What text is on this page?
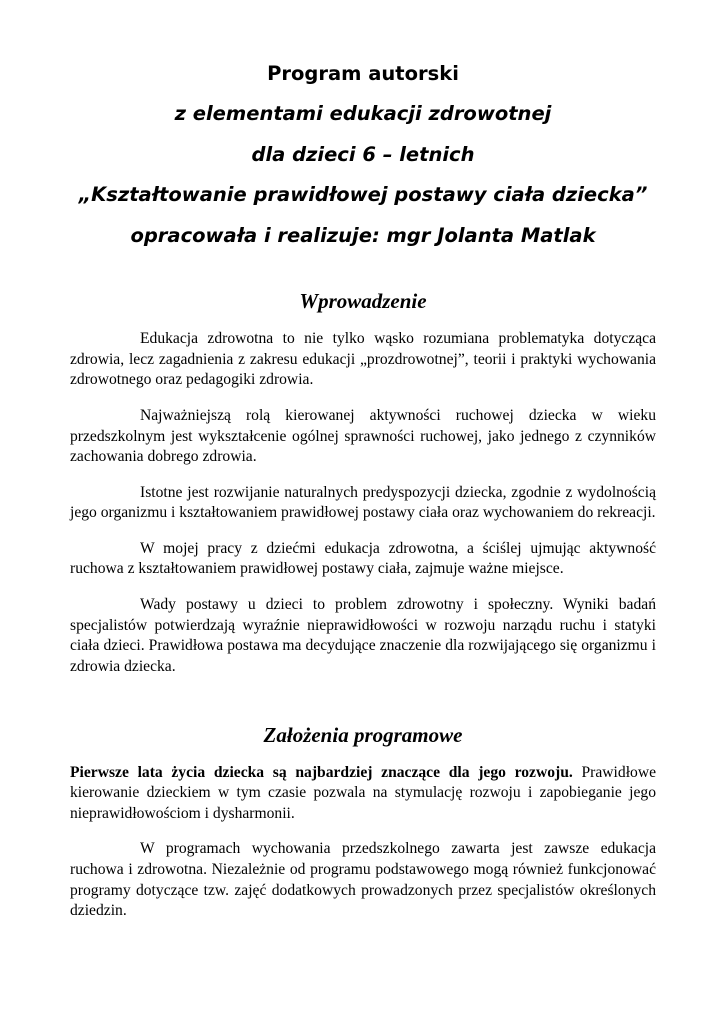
Program autorski
z elementami edukacji zdrowotnej
dla dzieci 6 – letnich
„Kształtowanie prawidłowej postawy ciała dziecka”
opracowała i realizuje: mgr Jolanta Matlak
Wprowadzenie

Edukacja zdrowotna to nie tylko wąsko rozumiana problematyka dotycząca zdrowia, lecz zagadnienia z zakresu edukacji „prozdrowotnej”, teorii i praktyki wychowania zdrowotnego oraz pedagogiki zdrowia.

Najważniejszą rolą kierowanej aktywności ruchowej dziecka w wieku przedszkolnym jest wykształcenie ogólnej sprawności ruchowej, jako jednego z czynników zachowania dobrego zdrowia.

Istotne jest rozwijanie naturalnych predyspozycji dziecka, zgodnie z wydolnością jego organizmu i kształtowaniem prawidłowej postawy ciała oraz wychowaniem do rekreacji.

W mojej pracy z dziećmi edukacja zdrowotna, a ściślej ujmując aktywność ruchowa z kształtowaniem prawidłowej postawy ciała, zajmuje ważne miejsce.

Wady postawy u dzieci to problem zdrowotny i społeczny. Wyniki badań specjalistów potwierdzają wyraźnie nieprawidłowości w rozwoju narządu ruchu i statyki ciała dzieci. Prawidłowa postawa ma decydujące znaczenie dla rozwijającego się organizmu i zdrowia dziecka.

Założenia programowe

Pierwsze lata życia dziecka są najbardziej znaczące dla jego rozwoju. Prawidłowe kierowanie dzieckiem w tym czasie pozwala na stymulację rozwoju i zapobieganie jego nieprawidłowościom i dysharmonii.

W programach wychowania przedszkolnego zawarta jest zawsze edukacja ruchowa i zdrowotna. Niezależnie od programu podstawowego mogą również funkcjonować programy dotyczące tzw. zajęć dodatkowych prowadzonych przez specjalistów określonych dziedzin.
